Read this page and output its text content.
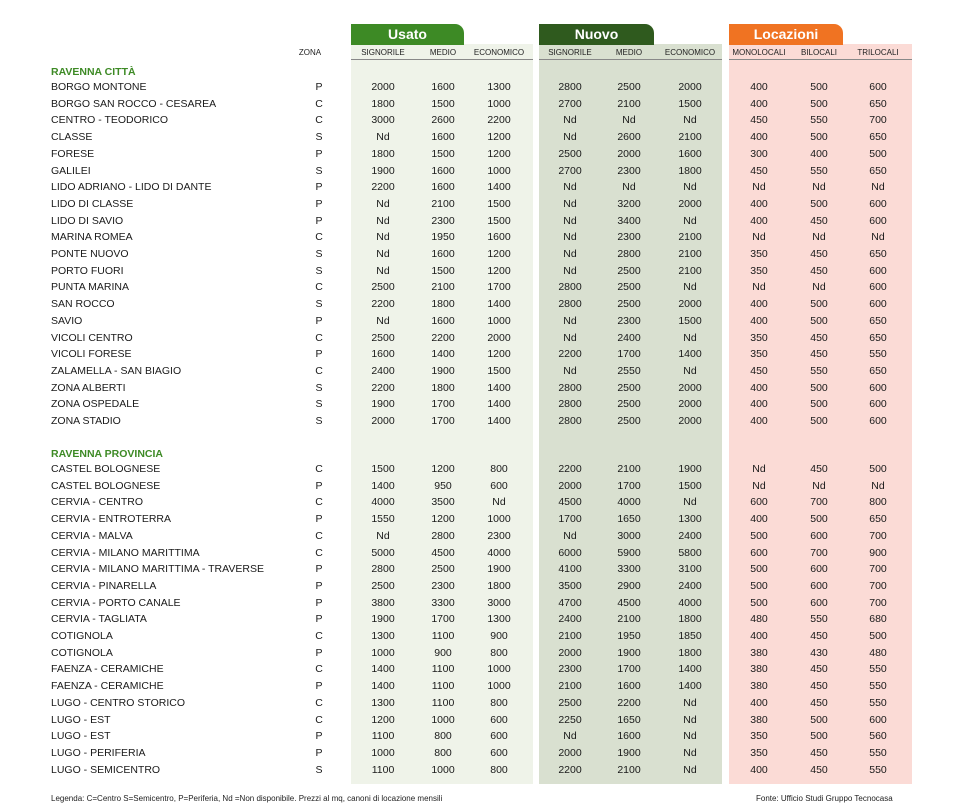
Usato	Nuovo	Locazioni
ZONA	SIGNORILE	MEDIO	ECONOMICO	SIGNORILE	MEDIO	ECONOMICO	MONOLOCALI	BILOCALI	TRILOCALI
RAVENNA CITTÀ
BORGO MONTONE	P	2000	1600	1300	2800	2500	2000	400	500	600
BORGO SAN ROCCO - CESAREA	C	1800	1500	1000	2700	2100	1500	400	500	650
CENTRO - TEODORICO	C	3000	2600	2200	Nd	Nd	Nd	450	550	700
CLASSE	S	Nd	1600	1200	Nd	2600	2100	400	500	650
FORESE	P	1800	1500	1200	2500	2000	1600	300	400	500
GALILEI	S	1900	1600	1000	2700	2300	1800	450	550	650
LIDO ADRIANO - LIDO DI DANTE	P	2200	1600	1400	Nd	Nd	Nd	Nd	Nd	Nd
LIDO DI CLASSE	P	Nd	2100	1500	Nd	3200	2000	400	500	600
LIDO DI SAVIO	P	Nd	2300	1500	Nd	3400	Nd	400	450	600
MARINA ROMEA	C	Nd	1950	1600	Nd	2300	2100	Nd	Nd	Nd
PONTE NUOVO	S	Nd	1600	1200	Nd	2800	2100	350	450	650
PORTO FUORI	S	Nd	1500	1200	Nd	2500	2100	350	450	600
PUNTA MARINA	C	2500	2100	1700	2800	2500	Nd	Nd	Nd	600
SAN ROCCO	S	2200	1800	1400	2800	2500	2000	400	500	600
SAVIO	P	Nd	1600	1000	Nd	2300	1500	400	500	650
VICOLI CENTRO	C	2500	2200	2000	Nd	2400	Nd	350	450	650
VICOLI FORESE	P	1600	1400	1200	2200	1700	1400	350	450	550
ZALAMELLA - SAN BIAGIO	C	2400	1900	1500	Nd	2550	Nd	450	550	650
ZONA ALBERTI	S	2200	1800	1400	2800	2500	2000	400	500	600
ZONA OSPEDALE	S	1900	1700	1400	2800	2500	2000	400	500	600
ZONA STADIO	S	2000	1700	1400	2800	2500	2000	400	500	600
RAVENNA PROVINCIA
CASTEL BOLOGNESE	C	1500	1200	800	2200	2100	1900	Nd	450	500
CASTEL BOLOGNESE	P	1400	950	600	2000	1700	1500	Nd	Nd	Nd
CERVIA - CENTRO	C	4000	3500	Nd	4500	4000	Nd	600	700	800
CERVIA - ENTROTERRA	P	1550	1200	1000	1700	1650	1300	400	500	650
CERVIA - MALVA	C	Nd	2800	2300	Nd	3000	2400	500	600	700
CERVIA - MILANO MARITTIMA	C	5000	4500	4000	6000	5900	5800	600	700	900
CERVIA - MILANO MARITTIMA - TRAVERSE	P	2800	2500	1900	4100	3300	3100	500	600	700
CERVIA - PINARELLA	P	2500	2300	1800	3500	2900	2400	500	600	700
CERVIA - PORTO CANALE	P	3800	3300	3000	4700	4500	4000	500	600	700
CERVIA - TAGLIATA	P	1900	1700	1300	2400	2100	1800	480	550	680
COTIGNOLA	C	1300	1100	900	2100	1950	1850	400	450	500
COTIGNOLA	P	1000	900	800	2000	1900	1800	380	430	480
FAENZA - CERAMICHE	C	1400	1100	1000	2300	1700	1400	380	450	550
FAENZA - CERAMICHE	P	1400	1100	1000	2100	1600	1400	380	450	550
LUGO - CENTRO STORICO	C	1300	1100	800	2500	2200	Nd	400	450	550
LUGO - EST	C	1200	1000	600	2250	1650	Nd	380	500	600
LUGO - EST	P	1100	800	600	Nd	1600	Nd	350	500	560
LUGO - PERIFERIA	P	1000	800	600	2000	1900	Nd	350	450	550
LUGO - SEMICENTRO	S	1100	1000	800	2200	2100	Nd	400	450	550
Legenda: C=Centro S=Semicentro, P=Periferia, Nd =Non disponibile. Prezzi al mq, canoni di locazione mensili	Fonte: Ufficio Studi Gruppo Tecnocasa
